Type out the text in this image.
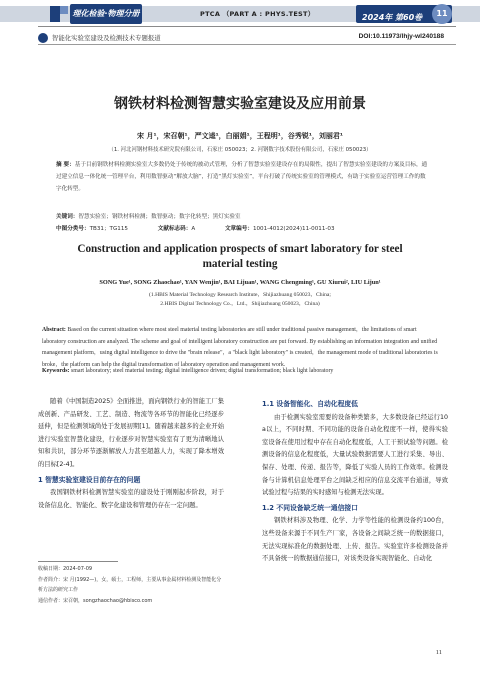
理化检验·物理分册	PTCA （PART A : PHYS.TEST）	2024年 第60卷	11
智能化实验室建设及检测技术专题报道	DOI:10.11973/lhjy-wl240188
钢铁材料检测智慧实验室建设及应用前景
宋 月¹，宋召朝¹，严文逵¹，白丽娟¹，王程明¹，谷秀锐¹，刘丽君¹
（1. 河北河钢材料技术研究院有限公司，石家庄 050023；2. 河钢数字技术股份有限公司，石家庄 050023）
摘 要：基于目前钢铁材料检测实验室大多数仍处于传统的被动式管理，分析了智慧实验室建设存在的局限性，提出了智慧实验室建设的方案及目标，通过建立信息一体化统一管理平台，利用数智驱动“解放大脑”，打造“黑灯实验室”，平台打破了传统实验室的管理模式，有助于实验室运营管理工作的数字化转型。
关键词：智慧实验室；钢铁材料检测；数智驱动；数字化转型；黑灯实验室
中图分类号：TB31；TG115	文献标志码：A	文章编号：1001-4012(2024)11-0011-03
Construction and application prospects of smart laboratory for steel material testing
SONG Yue¹, SONG Zhaochao¹, YAN Wenjin¹, BAI Lijuan¹, WANG Chengming¹, GU Xiurui², LIU Lijun¹
(1.HBIS Material Technology Research Institute，Shijiazhuang 050023，China;
2.HBIS Digital Technology Co.，Ltd.，Shijiazhuang 050023，China)
Abstract: Based on the current situation where most steel material testing laboratories are still under traditional passive management，the limitations of smart laboratory construction are analyzed. The scheme and goal of intelligent laboratory construction are put forward. By establishing an information integration and unified management platform，using digital intelligence to drive the "brain release"，a "black light laboratory" is created，the management mode of traditional laboratories is broke，the platform can help the digital transformation of laboratory operation and management work.
Keywords: smart laboratory; steel material testing; digital intelligence driven; digital transformation; black light laboratory

随着《中国制造2025》全面推进，面向钢铁行业的智能工厂集成创新、产品研发、工艺、制造、物流等各环节的智能化已经逐步延伸，但是检测领域尚处于发展初期[1]。随着越来越多的企业开始进行实验室智慧化建设，行业逐步对智慧实验室有了更为清晰地认知和共识，部分环节逐渐解放人力甚至超越人力，实现了降本增效的目标[2-4]。

1 智慧实验室建设目前存在的问题

我国钢铁材料检测智慧实验室的建设处于刚刚起步阶段，对于设备信息化、智能化、数字化建设和管理仍存在一定问题。

收稿日期：2024-07-09
作者简介：宋 月(1992—)，女，硕士，工程师，主要从事金属材料检测及智能化分析方法的研究工作
通信作者：宋召朝，songzhaochao@hbisco.com
1.1 设备智能化、自动化程度低

由于检测实验室需要的设备种类繁多，大多数设备已经运行10 a以上，不同时期、不同功能的设备自动化程度不一样，使得实验室设备在使用过程中存在自动化程度低，人工干预试验等问题。检测设备的信息化程度低，大量试验数据需要人工进行采集、导出、保存、处理、传递、报告等，降低了实验人员的工作效率。检测设备与计算机信息处理平台之间缺乏相应的信息交流平台通道，导致试验过程与结果的实时感知与检测无法实现。

1.2 不同设备缺乏统一通信接口

钢铁材料涉及物理、化学、力学等性能的检测设备约100台，这些设备来源于不同生产厂家，各设备之间缺乏统一的数据接口，无法实现标准化的数据处理、上传、报告。实验室许多检测设备并不具备统一的数据通信接口，对该类设备实现智能化、自动化

11
